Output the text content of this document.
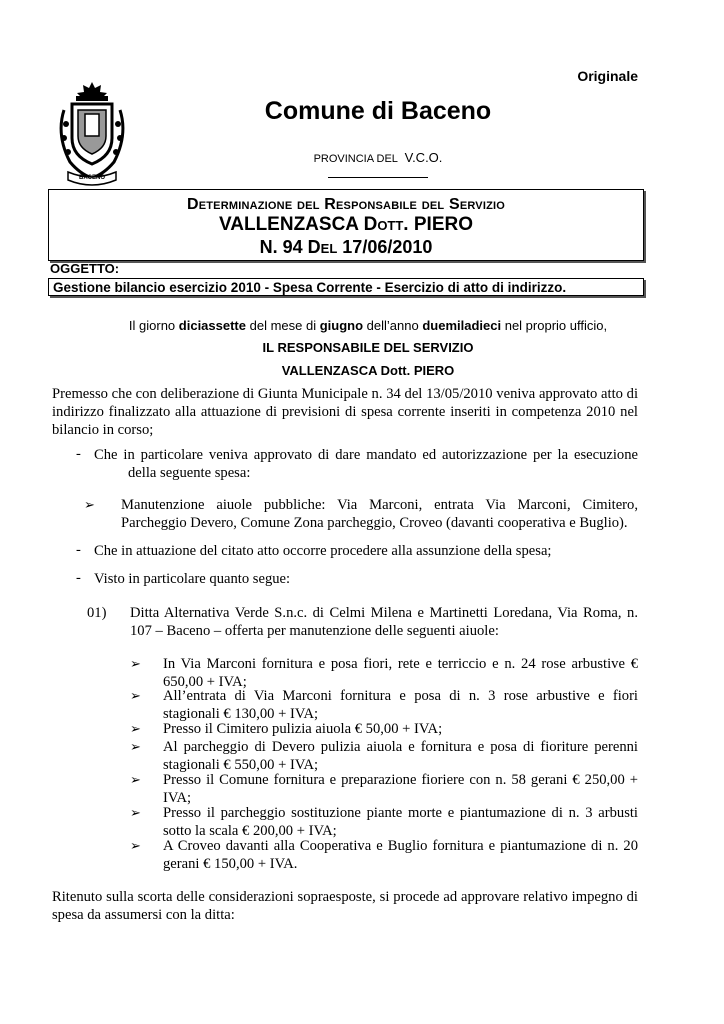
Originale
BACENO
Comune di Baceno
PROVINCIA DEL V.C.O.
Determinazione del Responsabile del Servizio
VALLENZASCA Dott. PIERO
N. 94 Del 17/06/2010
OGGETTO:
Gestione bilancio esercizio 2010 - Spesa Corrente - Esercizio di atto di indirizzo.
Il giorno diciassette del mese di giugno dell’anno duemiladieci nel proprio ufficio,
IL RESPONSABILE DEL SERVIZIO
VALLENZASCA Dott. PIERO
Premesso che con deliberazione di Giunta Municipale n. 34 del 13/05/2010 veniva approvato atto di
indirizzo finalizzato alla attuazione di previsioni di spesa corrente inseriti in competenza 2010 nel
bilancio in corso;
- Che in particolare veniva approvato di dare mandato ed autorizzazione per la esecuzione
della seguente spesa:
➢ Manutenzione aiuole pubbliche: Via Marconi, entrata Via Marconi, Cimitero,
Parcheggio Devero, Comune Zona parcheggio, Croveo (davanti cooperativa e Buglio).
- Che in attuazione del citato atto occorre procedere alla assunzione della spesa;
- Visto in particolare quanto segue:
01) Ditta Alternativa Verde S.n.c. di Celmi Milena e Martinetti Loredana, Via Roma, n.
107 – Baceno – offerta per manutenzione delle seguenti aiuole:
➢ In Via Marconi fornitura e posa fiori, rete e terriccio e n. 24 rose arbustive €
650,00 + IVA;
➢ All’entrata di Via Marconi fornitura e posa di n. 3 rose arbustive e fiori
stagionali € 130,00 + IVA;
➢ Presso il Cimitero pulizia aiuola € 50,00 + IVA;
➢ Al parcheggio di Devero pulizia aiuola e fornitura e posa di fioriture perenni
stagionali € 550,00 + IVA;
➢ Presso il Comune fornitura e preparazione fioriere con n. 58 gerani € 250,00 +
IVA;
➢ Presso il parcheggio sostituzione piante morte e piantumazione di n. 3 arbusti
sotto la scala € 200,00 + IVA;
➢ A Croveo davanti alla Cooperativa e Buglio fornitura e piantumazione di n. 20
gerani € 150,00 + IVA.
Ritenuto sulla scorta delle considerazioni sopraesposte, si procede ad approvare relativo impegno di
spesa da assumersi con la ditta:
